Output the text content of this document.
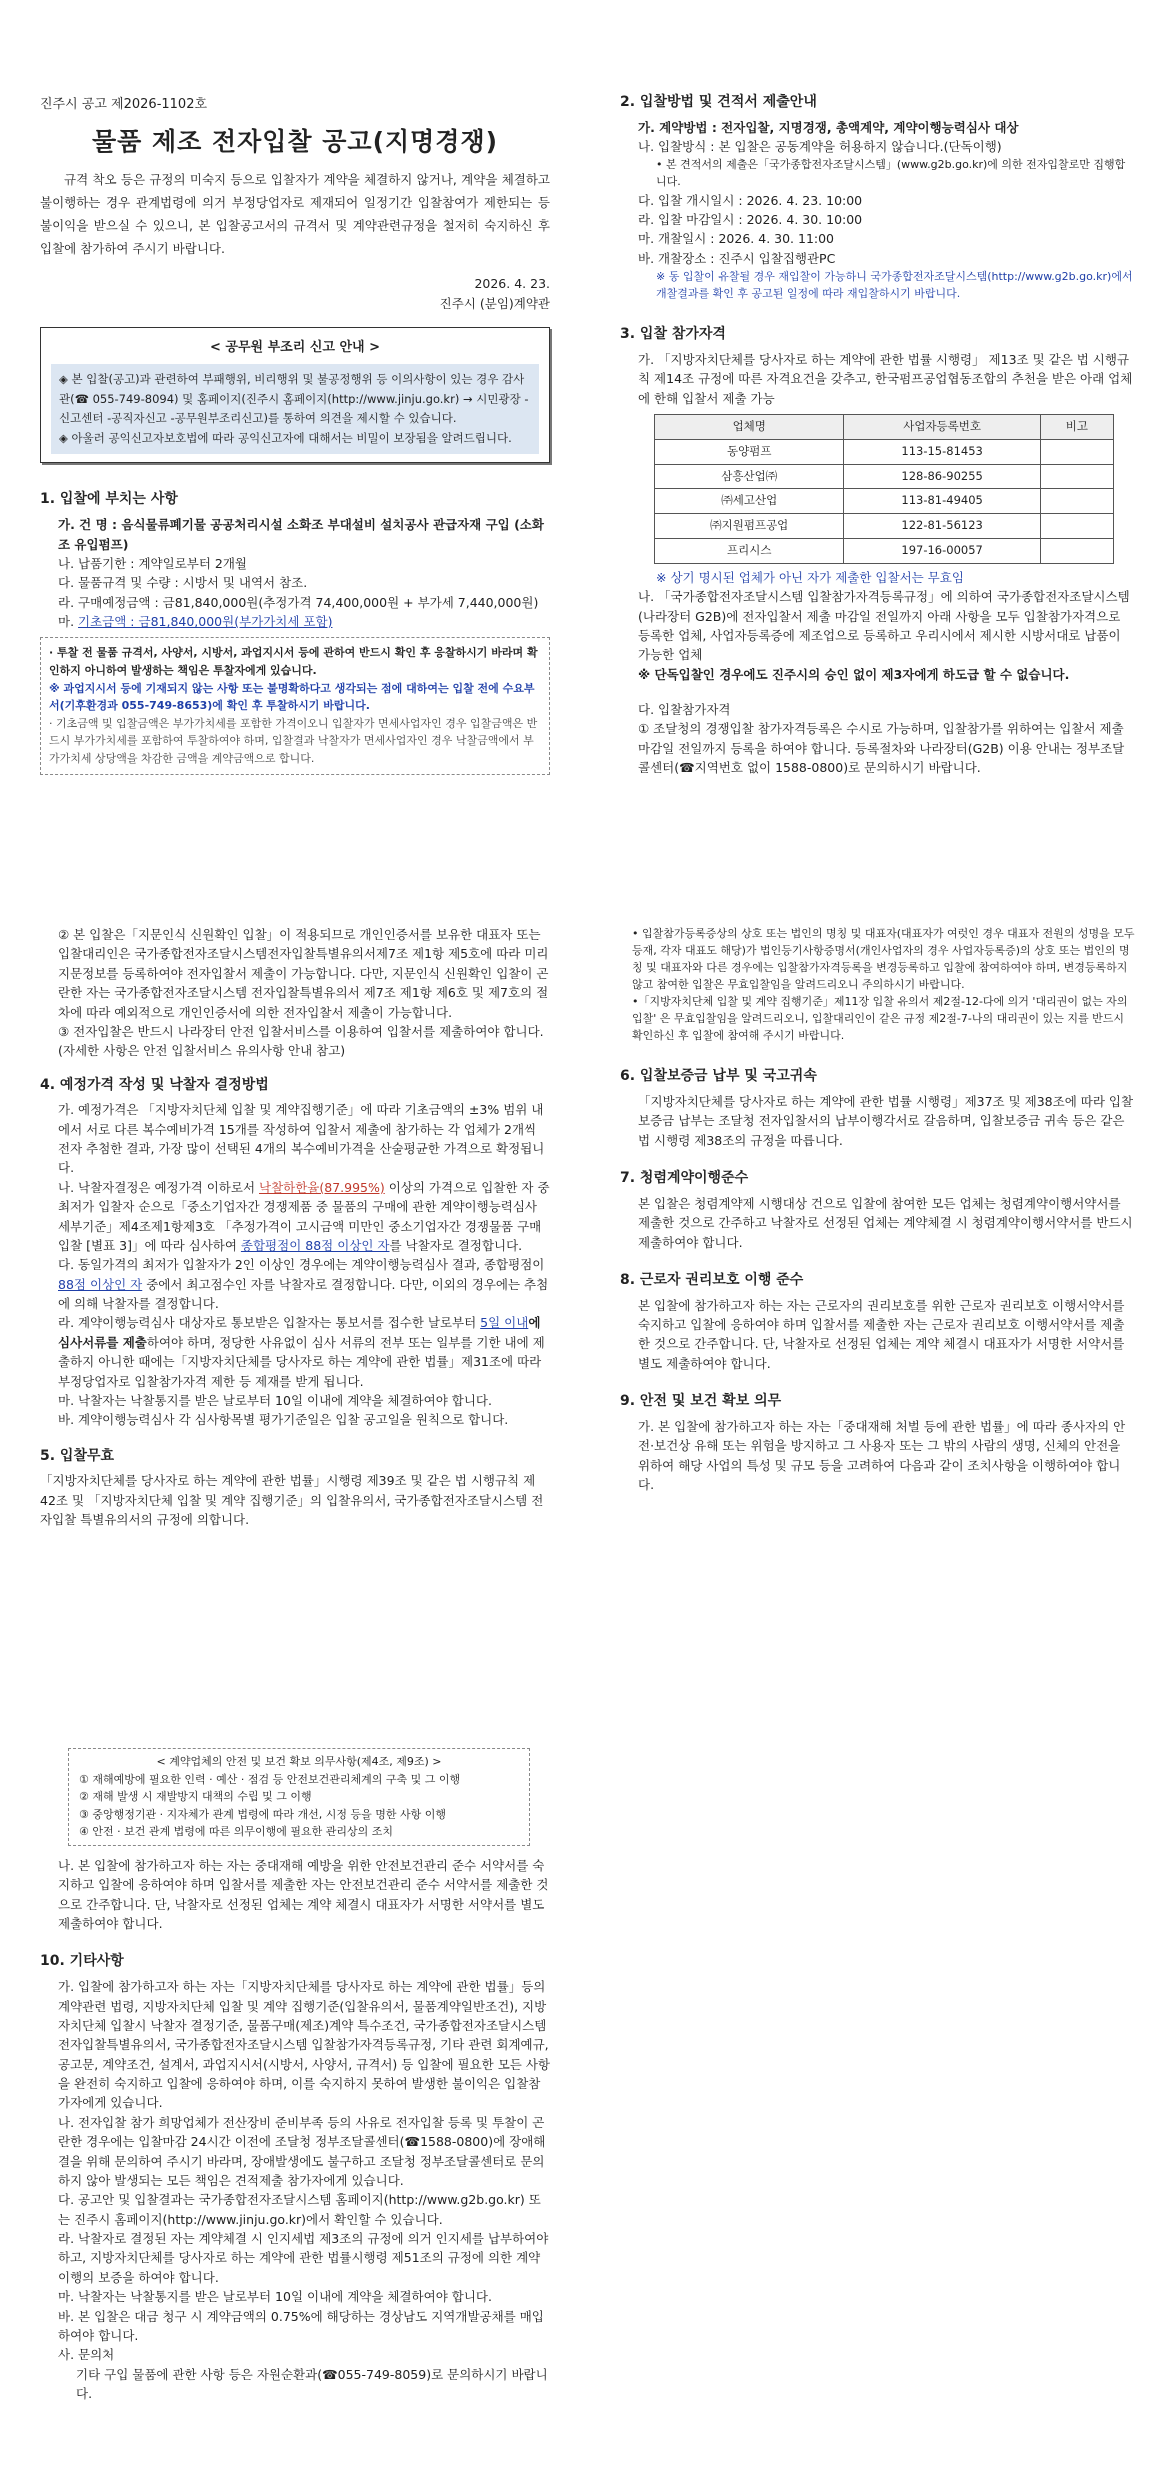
진주시 공고 제2026-1102호

물품 제조 전자입찰 공고(지명경쟁)

규격 착오 등은 규정의 미숙지 등으로 입찰자가 계약을 체결하지 않거나, 계약을 체결하고 불이행하는 경우 관계법령에 의거 부정당업자로 제재되어 일정기간 입찰참여가 제한되는 등 불이익을 받으실 수 있으니, 본 입찰공고서의 규격서 및 계약관련규정을 철저히 숙지하신 후 입찰에 참가하여 주시기 바랍니다.

2026. 4. 23.

진주시 (분임)계약관

< 공무원 부조리 신고 안내 >

◈ 본 입찰(공고)과 관련하여 부패행위, 비리행위 및 불공정행위 등 이의사항이 있는 경우 감사관(☎ 055-749-8094) 및 홈페이지(진주시 홈페이지(http://www.jinju.go.kr) → 시민광장 -신고센터 -공직자신고 -공무원부조리신고)를 통하여 의견을 제시할 수 있습니다.

◈ 아울러 공익신고자보호법에 따라 공익신고자에 대해서는 비밀이 보장됨을 알려드립니다.

1. 입찰에 부치는 사항

가. 건 명 : 음식물류폐기물 공공처리시설 소화조 부대설비 설치공사 관급자재 구입 (소화조 유입펌프)

나. 납품기한 : 계약일로부터 2개월

다. 물품규격 및 수량 : 시방서 및 내역서 참조.

라. 구매예정금액 : 금81,840,000원(추정가격 74,400,000원 + 부가세 7,440,000원)

마. 기초금액 : 금81,840,000원(부가가치세 포함)

· 투찰 전 물품 규격서, 사양서, 시방서, 과업지시서 등에 관하여 반드시 확인 후 응찰하시기 바라며 확인하지 아니하여 발생하는 책임은 투찰자에게 있습니다.

※ 과업지시서 등에 기재되지 않는 사항 또는 불명확하다고 생각되는 점에 대하여는 입찰 전에 수요부서(기후환경과 055-749-8653)에 확인 후 투찰하시기 바랍니다.

· 기초금액 및 입찰금액은 부가가치세를 포함한 가격이오니 입찰자가 면세사업자인 경우 입찰금액은 반드시 부가가치세를 포함하여 투찰하여야 하며, 입찰결과 낙찰자가 면세사업자인 경우 낙찰금액에서 부가가치세 상당액을 차감한 금액을 계약금액으로 합니다.

2. 입찰방법 및 견적서 제출안내

가. 계약방법 : 전자입찰, 지명경쟁, 총액계약, 계약이행능력심사 대상

나. 입찰방식 : 본 입찰은 공동계약을 허용하지 않습니다.(단독이행)

• 본 견적서의 제출은「국가종합전자조달시스템」(www.g2b.go.kr)에 의한 전자입찰로만 집행합니다.

다. 입찰 개시일시 : 2026. 4. 23. 10:00

라. 입찰 마감일시 : 2026. 4. 30. 10:00

마. 개찰일시 : 2026. 4. 30. 11:00

바. 개찰장소 : 진주시 입찰집행관PC

※ 동 입찰이 유찰될 경우 재입찰이 가능하니 국가종합전자조달시스템(http://www.g2b.go.kr)에서 개찰결과를 확인 후 공고된 일정에 따라 재입찰하시기 바랍니다.

3. 입찰 참가자격

가. 「지방자치단체를 당사자로 하는 계약에 관한 법률 시행령」 제13조 및 같은 법 시행규칙 제14조 규정에 따른 자격요건을 갖추고, 한국펌프공업협동조합의 추천을 받은 아래 업체에 한해 입찰서 제출 가능

업체명	사업자등록번호	비고
동양펌프	113-15-81453	
삼흥산업㈜	128-86-90255	
㈜세고산업	113-81-49405	
㈜지원펌프공업	122-81-56123	
프리시스	197-16-00057	

※ 상기 명시된 업체가 아닌 자가 제출한 입찰서는 무효임

나. 「국가종합전자조달시스템 입찰참가자격등록규정」에 의하여 국가종합전자조달시스템(나라장터 G2B)에 전자입찰서 제출 마감일 전일까지 아래 사항을 모두 입찰참가자격으로 등록한 업체, 사업자등록증에 제조업으로 등록하고 우리시에서 제시한 시방서대로 납품이 가능한 업체

※ 단독입찰인 경우에도 진주시의 승인 없이 제3자에게 하도급 할 수 없습니다.

다. 입찰참가자격

① 조달청의 경쟁입찰 참가자격등록은 수시로 가능하며, 입찰참가를 위하여는 입찰서 제출 마감일 전일까지 등록을 하여야 합니다. 등록절차와 나라장터(G2B) 이용 안내는 정부조달콜센터(☎지역번호 없이 1588-0800)로 문의하시기 바랍니다.

② 본 입찰은「지문인식 신원확인 입찰」이 적용되므로 개인인증서를 보유한 대표자 또는 입찰대리인은 국가종합전자조달시스템전자입찰특별유의서제7조 제1항 제5호에 따라 미리 지문정보를 등록하여야 전자입찰서 제출이 가능합니다. 다만, 지문인식 신원확인 입찰이 곤란한 자는 국가종합전자조달시스템 전자입찰특별유의서 제7조 제1항 제6호 및 제7호의 절차에 따라 예외적으로 개인인증서에 의한 전자입찰서 제출이 가능합니다.

③ 전자입찰은 반드시 나라장터 안전 입찰서비스를 이용하여 입찰서를 제출하여야 합니다. (자세한 사항은 안전 입찰서비스 유의사항 안내 참고)

4. 예정가격 작성 및 낙찰자 결정방법

가. 예정가격은 「지방자치단체 입찰 및 계약집행기준」에 따라 기초금액의 ±3% 범위 내에서 서로 다른 복수예비가격 15개를 작성하여 입찰서 제출에 참가하는 각 업체가 2개씩 전자 추첨한 결과, 가장 많이 선택된 4개의 복수예비가격을 산술평균한 가격으로 확정됩니다.

나. 낙찰자결정은 예정가격 이하로서 낙찰하한율(87.995%) 이상의 가격으로 입찰한 자 중 최저가 입찰자 순으로「중소기업자간 경쟁제품 중 물품의 구매에 관한 계약이행능력심사 세부기준」제4조제1항제3호 「추정가격이 고시금액 미만인 중소기업자간 경쟁물품 구매입찰 [별표 3]」에 따라 심사하여 종합평점이 88점 이상인 자를 낙찰자로 결정합니다.

다. 동일가격의 최저가 입찰자가 2인 이상인 경우에는 계약이행능력심사 결과, 종합평점이 88점 이상인 자 중에서 최고점수인 자를 낙찰자로 결정합니다. 다만, 이외의 경우에는 추첨에 의해 낙찰자를 결정합니다.

라. 계약이행능력심사 대상자로 통보받은 입찰자는 통보서를 접수한 날로부터 5일 이내에 심사서류를 제출하여야 하며, 정당한 사유없이 심사 서류의 전부 또는 일부를 기한 내에 제출하지 아니한 때에는「지방자치단체를 당사자로 하는 계약에 관한 법률」제31조에 따라 부정당업자로 입찰참가자격 제한 등 제재를 받게 됩니다.

마. 낙찰자는 낙찰통지를 받은 날로부터 10일 이내에 계약을 체결하여야 합니다.

바. 계약이행능력심사 각 심사항목별 평가기준일은 입찰 공고일을 원칙으로 합니다.

5. 입찰무효

「지방자치단체를 당사자로 하는 계약에 관한 법률」시행령 제39조 및 같은 법 시행규칙 제42조 및 「지방자치단체 입찰 및 계약 집행기준」의 입찰유의서, 국가종합전자조달시스템 전자입찰 특별유의서의 규정에 의합니다.

• 입찰참가등록증상의 상호 또는 법인의 명칭 및 대표자(대표자가 여럿인 경우 대표자 전원의 성명을 모두 등재, 각자 대표도 해당)가 법인등기사항증명서(개인사업자의 경우 사업자등록증)의 상호 또는 법인의 명칭 및 대표자와 다른 경우에는 입찰참가자격등록을 변경등록하고 입찰에 참여하여야 하며, 변경등록하지 않고 참여한 입찰은 무효입찰임을 알려드리오니 주의하시기 바랍니다.

•「지방자치단체 입찰 및 계약 집행기준」제11장 입찰 유의서 제2절-12-다에 의거 '대리권이 없는 자의 입찰' 은 무효입찰임을 알려드리오니, 입찰대리인이 같은 규정 제2절-7-나의 대리권이 있는 지를 반드시 확인하신 후 입찰에 참여해 주시기 바랍니다.

6. 입찰보증금 납부 및 국고귀속

「지방자치단체를 당사자로 하는 계약에 관한 법률 시행령」제37조 및 제38조에 따라 입찰보증금 납부는 조달청 전자입찰서의 납부이행각서로 갈음하며, 입찰보증금 귀속 등은 같은 법 시행령 제38조의 규정을 따릅니다.

7. 청렴계약이행준수

본 입찰은 청렴계약제 시행대상 건으로 입찰에 참여한 모든 업체는 청렴계약이행서약서를 제출한 것으로 간주하고 낙찰자로 선정된 업체는 계약체결 시 청렴계약이행서약서를 반드시 제출하여야 합니다.

8. 근로자 권리보호 이행 준수

본 입찰에 참가하고자 하는 자는 근로자의 권리보호를 위한 근로자 권리보호 이행서약서를 숙지하고 입찰에 응하여야 하며 입찰서를 제출한 자는 근로자 권리보호 이행서약서를 제출한 것으로 간주합니다. 단, 낙찰자로 선정된 업체는 계약 체결시 대표자가 서명한 서약서를 별도 제출하여야 합니다.

9. 안전 및 보건 확보 의무

가. 본 입찰에 참가하고자 하는 자는「중대재해 처벌 등에 관한 법률」에 따라 종사자의 안전·보건상 유해 또는 위험을 방지하고 그 사용자 또는 그 밖의 사람의 생명, 신체의 안전을 위하여 해당 사업의 특성 및 규모 등을 고려하여 다음과 같이 조치사항을 이행하여야 합니다.

< 계약업체의 안전 및 보건 확보 의무사항(제4조, 제9조) >

① 재해예방에 필요한 인력 · 예산 · 점검 등 안전보건관리체계의 구축 및 그 이행

② 재해 발생 시 재발방지 대책의 수립 및 그 이행

③ 중앙행정기관 · 지자체가 관계 법령에 따라 개선, 시정 등을 명한 사항 이행

④ 안전 · 보건 관계 법령에 따른 의무이행에 필요한 관리상의 조치

나. 본 입찰에 참가하고자 하는 자는 중대재해 예방을 위한 안전보건관리 준수 서약서를 숙지하고 입찰에 응하여야 하며 입찰서를 제출한 자는 안전보건관리 준수 서약서를 제출한 것으로 간주합니다. 단, 낙찰자로 선정된 업체는 계약 체결시 대표자가 서명한 서약서를 별도 제출하여야 합니다.

10. 기타사항

가. 입찰에 참가하고자 하는 자는「지방자치단체를 당사자로 하는 계약에 관한 법률」등의 계약관련 법령, 지방자치단체 입찰 및 계약 집행기준(입찰유의서, 물품계약일반조건), 지방자치단체 입찰시 낙찰자 결정기준, 물품구매(제조)계약 특수조건, 국가종합전자조달시스템 전자입찰특별유의서, 국가종합전자조달시스템 입찰참가자격등록규정, 기타 관련 회계예규, 공고문, 계약조건, 설계서, 과업지시서(시방서, 사양서, 규격서) 등 입찰에 필요한 모든 사항을 완전히 숙지하고 입찰에 응하여야 하며, 이를 숙지하지 못하여 발생한 불이익은 입찰참가자에게 있습니다.

나. 전자입찰 참가 희망업체가 전산장비 준비부족 등의 사유로 전자입찰 등록 및 투찰이 곤란한 경우에는 입찰마감 24시간 이전에 조달청 정부조달콜센터(☎1588-0800)에 장애해결을 위해 문의하여 주시기 바라며, 장애발생에도 불구하고 조달청 정부조달콜센터로 문의하지 않아 발생되는 모든 책임은 견적제출 참가자에게 있습니다.

다. 공고안 및 입찰결과는 국가종합전자조달시스템 홈페이지(http://www.g2b.go.kr) 또는 진주시 홈페이지(http://www.jinju.go.kr)에서 확인할 수 있습니다.

라. 낙찰자로 결정된 자는 계약체결 시 인지세법 제3조의 규정에 의거 인지세를 납부하여야 하고, 지방자치단체를 당사자로 하는 계약에 관한 법률시행령 제51조의 규정에 의한 계약이행의 보증을 하여야 합니다.

마. 낙찰자는 낙찰통지를 받은 날로부터 10일 이내에 계약을 체결하여야 합니다.

바. 본 입찰은 대금 청구 시 계약금액의 0.75%에 해당하는 경상남도 지역개발공채를 매입하여야 합니다.

사. 문의처

기타 구입 물품에 관한 사항 등은 자원순환과(☎055-749-8059)로 문의하시기 바랍니다.
